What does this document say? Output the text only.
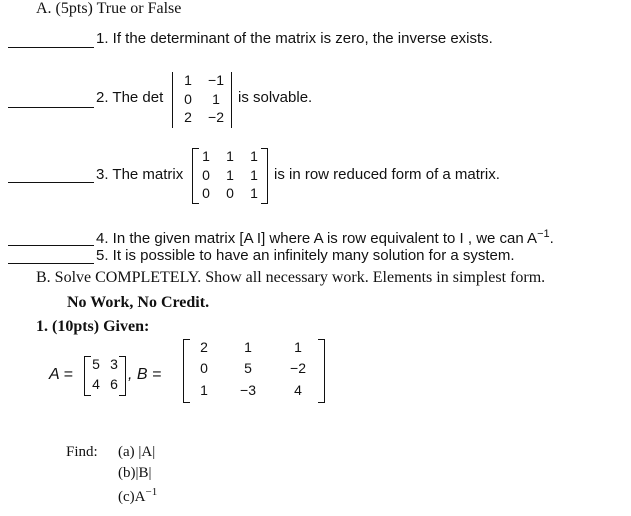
A. (5pts) True or False
1. If the determinant of the matrix is zero, the inverse exists.
2. The det
1	−1
0	1
2	−2
is solvable.
3. The matrix
1	1	1
0	1	1
0	0	1
is in row reduced form of a matrix.
4. In the given matrix [A I] where A is row equivalent to I , we can $A^{-1}$.
5. It is possible to have an infinitely many solution for a system.
B. Solve COMPLETELY. Show all necessary work. Elements in simplest form.
No Work, No Credit.
1. (10pts) Given:
A =
5 3
4 6
, B =
2	1	1
0	5	−2
1	−3	4
Find: (a) |A|
(b)|B|
$(c)A^{-1}$
